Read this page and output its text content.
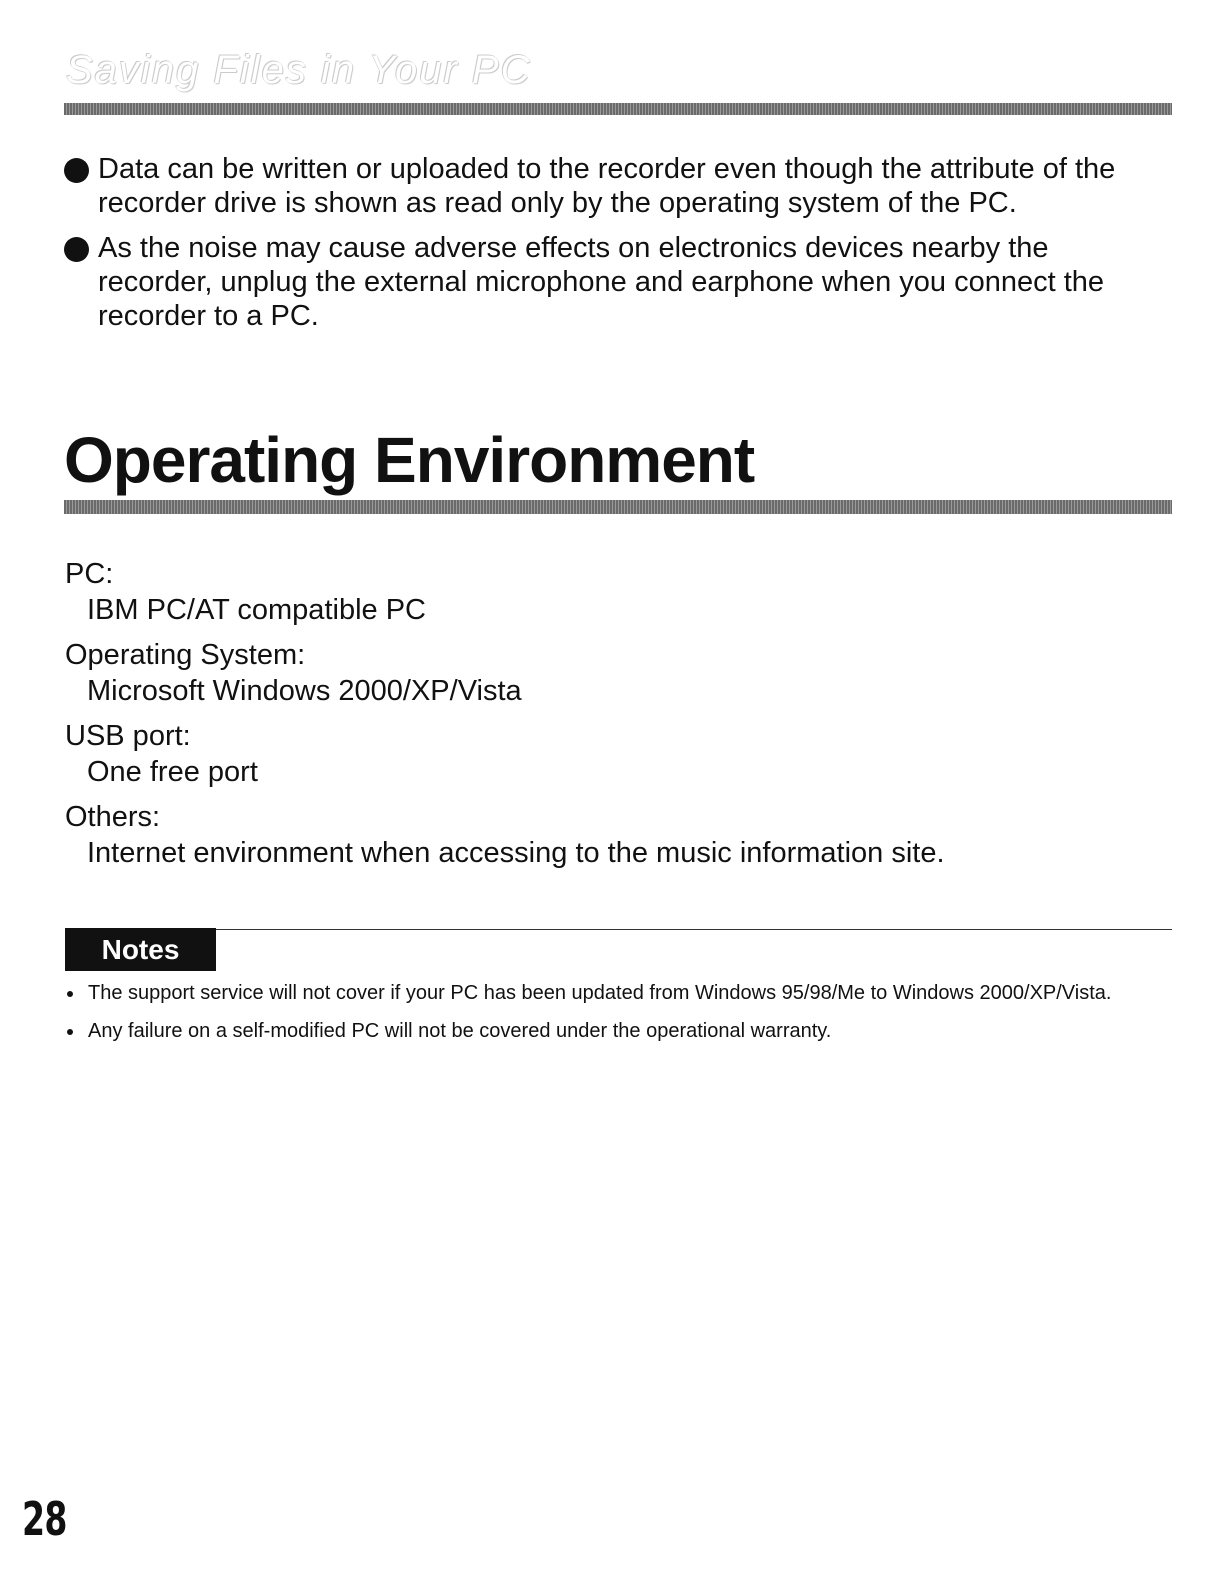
Saving Files in Your PC
Data can be written or uploaded to the recorder even though the attribute of the recorder drive is shown as read only by the operating system of the PC.
As the noise may cause adverse effects on electronics devices nearby the recorder, unplug the external microphone and earphone when you connect the recorder to a PC.
Operating Environment
PC:
IBM PC/AT compatible PC
Operating System:
Microsoft Windows 2000/XP/Vista
USB port:
One free port
Others:
Internet environment when accessing to the music information site.
Notes
The support service will not cover if your PC has been updated from Windows 95/98/Me to Windows 2000/XP/Vista.
Any failure on a self-modified PC will not be covered under the operational warranty.
28
